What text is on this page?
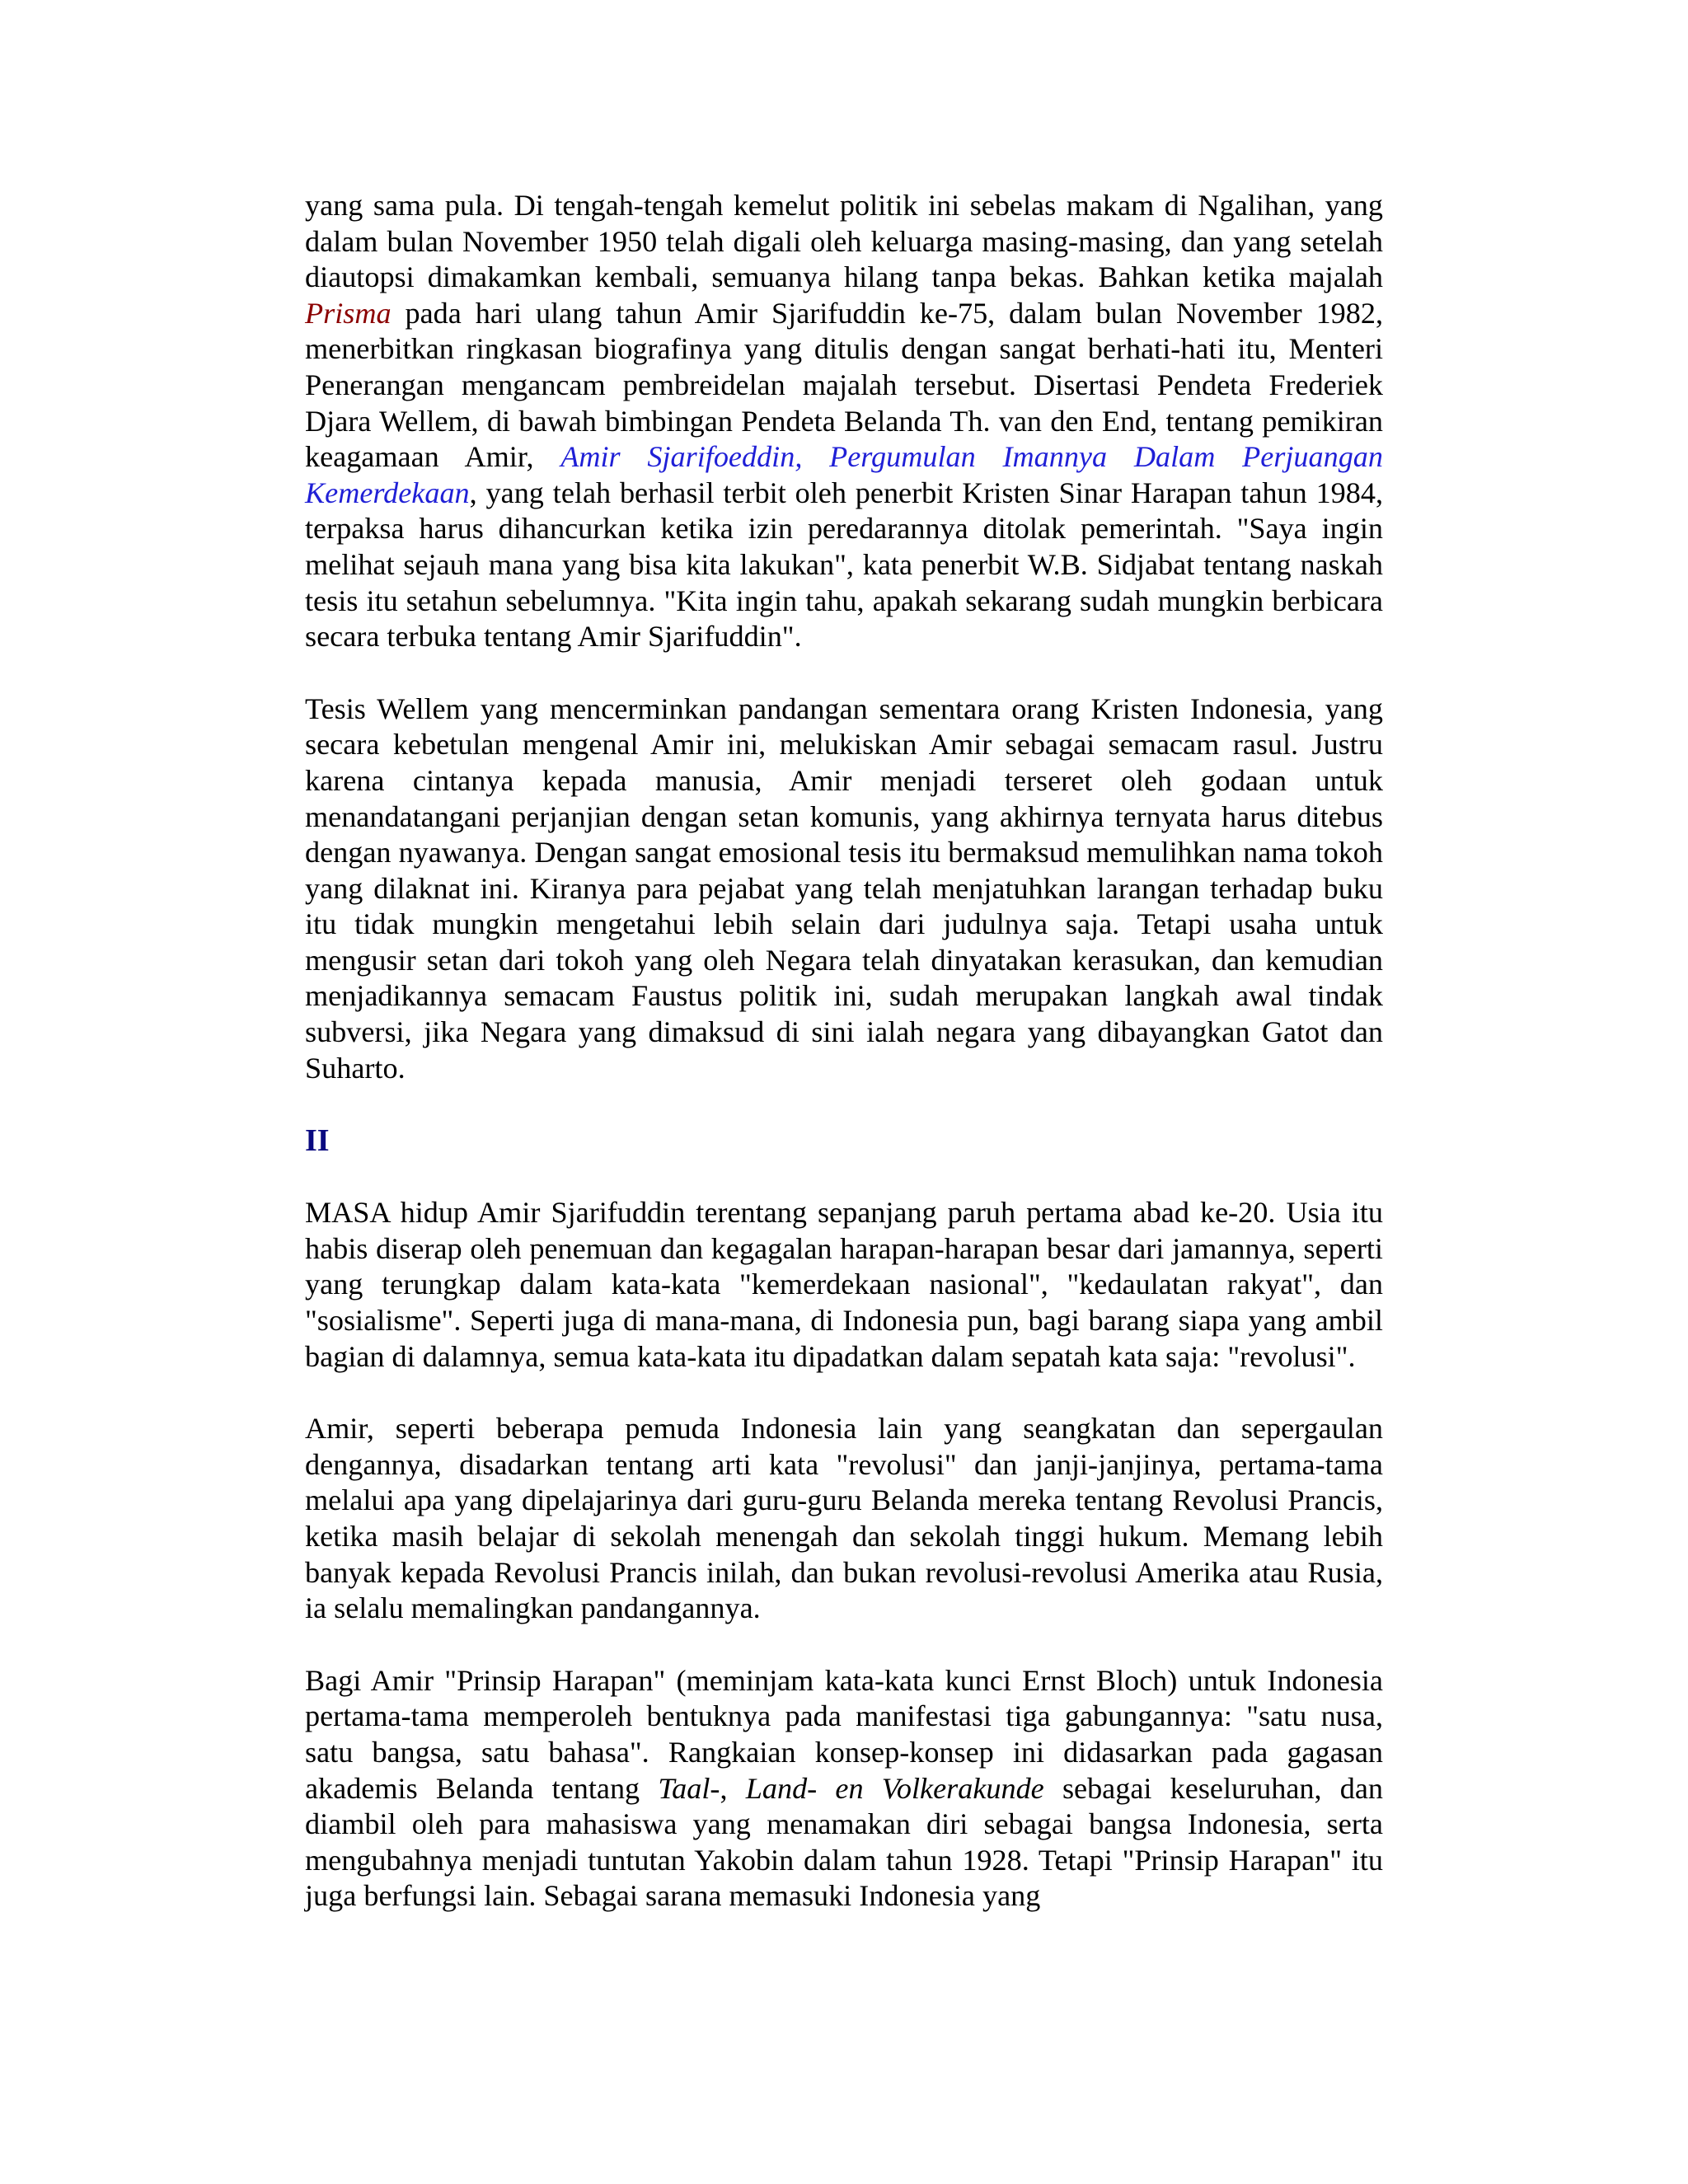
yang sama pula. Di tengah-tengah kemelut politik ini sebelas makam di Ngalihan, yang dalam bulan November 1950 telah digali oleh keluarga masing-masing, dan yang setelah diautopsi dimakamkan kembali, semuanya hilang tanpa bekas. Bahkan ketika majalah Prisma pada hari ulang tahun Amir Sjarifuddin ke-75, dalam bulan November 1982, menerbitkan ringkasan biografinya yang ditulis dengan sangat berhati-hati itu, Menteri Penerangan mengancam pembreidelan majalah tersebut. Disertasi Pendeta Frederiek Djara Wellem, di bawah bimbingan Pendeta Belanda Th. van den End, tentang pemikiran keagamaan Amir, Amir Sjarifoeddin, Pergumulan Imannya Dalam Perjuangan Kemerdekaan, yang telah berhasil terbit oleh penerbit Kristen Sinar Harapan tahun 1984, terpaksa harus dihancurkan ketika izin peredarannya ditolak pemerintah. "Saya ingin melihat sejauh mana yang bisa kita lakukan", kata penerbit W.B. Sidjabat tentang naskah tesis itu setahun sebelumnya. "Kita ingin tahu, apakah sekarang sudah mungkin berbicara secara terbuka tentang Amir Sjarifuddin".

Tesis Wellem yang mencerminkan pandangan sementara orang Kristen Indonesia, yang secara kebetulan mengenal Amir ini, melukiskan Amir sebagai semacam rasul. Justru karena cintanya kepada manusia, Amir menjadi terseret oleh godaan untuk menandatangani perjanjian dengan setan komunis, yang akhirnya ternyata harus ditebus dengan nyawanya. Dengan sangat emosional tesis itu bermaksud memulihkan nama tokoh yang dilaknat ini. Kiranya para pejabat yang telah menjatuhkan larangan terhadap buku itu tidak mungkin mengetahui lebih selain dari judulnya saja. Tetapi usaha untuk mengusir setan dari tokoh yang oleh Negara telah dinyatakan kerasukan, dan kemudian menjadikannya semacam Faustus politik ini, sudah merupakan langkah awal tindak subversi, jika Negara yang dimaksud di sini ialah negara yang dibayangkan Gatot dan Suharto.

II

MASA hidup Amir Sjarifuddin terentang sepanjang paruh pertama abad ke-20. Usia itu habis diserap oleh penemuan dan kegagalan harapan-harapan besar dari jamannya, seperti yang terungkap dalam kata-kata "kemerdekaan nasional", "kedaulatan rakyat", dan "sosialisme". Seperti juga di mana-mana, di Indonesia pun, bagi barang siapa yang ambil bagian di dalamnya, semua kata-kata itu dipadatkan dalam sepatah kata saja: "revolusi".

Amir, seperti beberapa pemuda Indonesia lain yang seangkatan dan sepergaulan dengannya, disadarkan tentang arti kata "revolusi" dan janji-janjinya, pertama-tama melalui apa yang dipelajarinya dari guru-guru Belanda mereka tentang Revolusi Prancis, ketika masih belajar di sekolah menengah dan sekolah tinggi hukum. Memang lebih banyak kepada Revolusi Prancis inilah, dan bukan revolusi-revolusi Amerika atau Rusia, ia selalu memalingkan pandangannya.

Bagi Amir "Prinsip Harapan" (meminjam kata-kata kunci Ernst Bloch) untuk Indonesia pertama-tama memperoleh bentuknya pada manifestasi tiga gabungannya: "satu nusa, satu bangsa, satu bahasa". Rangkaian konsep-konsep ini didasarkan pada gagasan akademis Belanda tentang Taal-, Land- en Volkerakunde sebagai keseluruhan, dan diambil oleh para mahasiswa yang menamakan diri sebagai bangsa Indonesia, serta mengubahnya menjadi tuntutan Yakobin dalam tahun 1928. Tetapi "Prinsip Harapan" itu juga berfungsi lain. Sebagai sarana memasuki Indonesia yang
